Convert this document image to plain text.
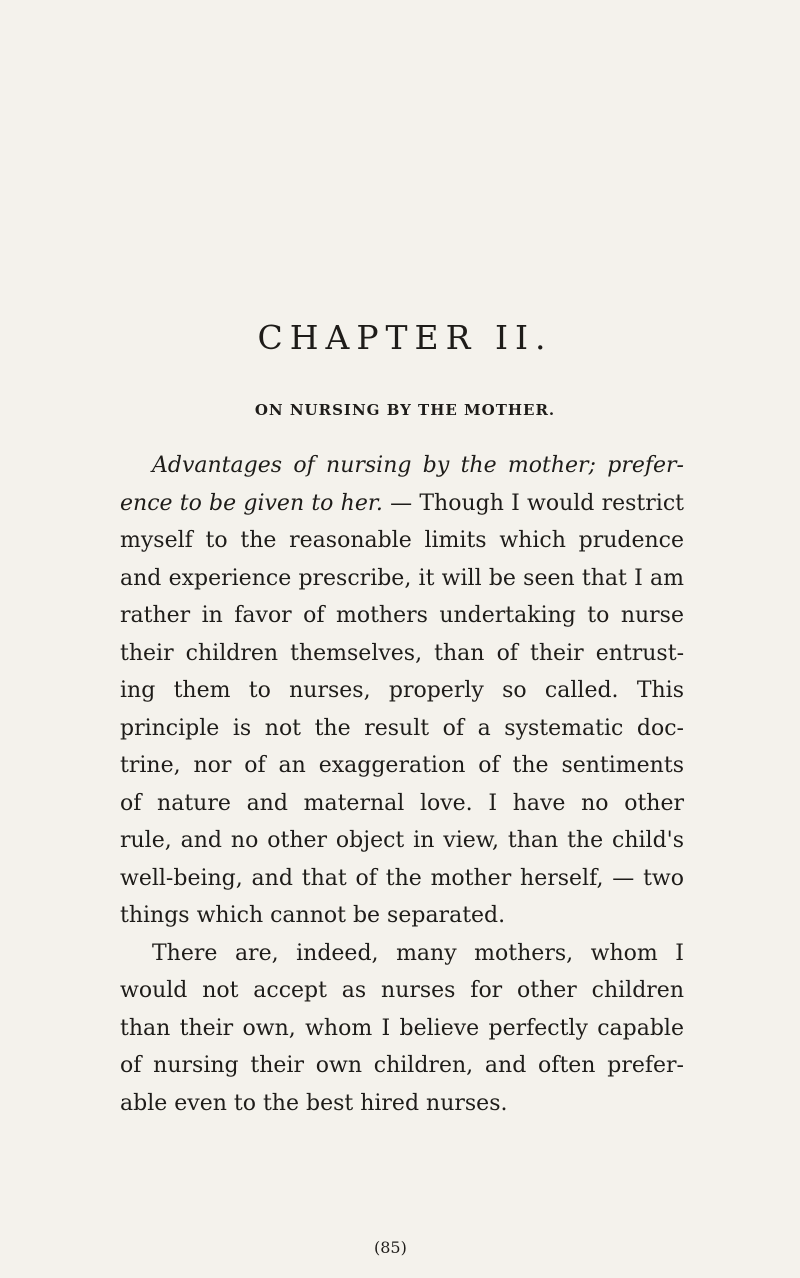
CHAPTER II.
ON NURSING BY THE MOTHER.
Advantages of nursing by the mother; prefer-
ence to be given to her. — Though I would restrict
myself to the reasonable limits which prudence
and experience prescribe, it will be seen that I am
rather in favor of mothers undertaking to nurse
their children themselves, than of their entrust-
ing them to nurses, properly so called. This
principle is not the result of a systematic doc-
trine, nor of an exaggeration of the sentiments
of nature and maternal love. I have no other
rule, and no other object in view, than the child's
well-being, and that of the mother herself, — two
things which cannot be separated.
There are, indeed, many mothers, whom I
would not accept as nurses for other children
than their own, whom I believe perfectly capable
of nursing their own children, and often prefer-
able even to the best hired nurses.

(85)
